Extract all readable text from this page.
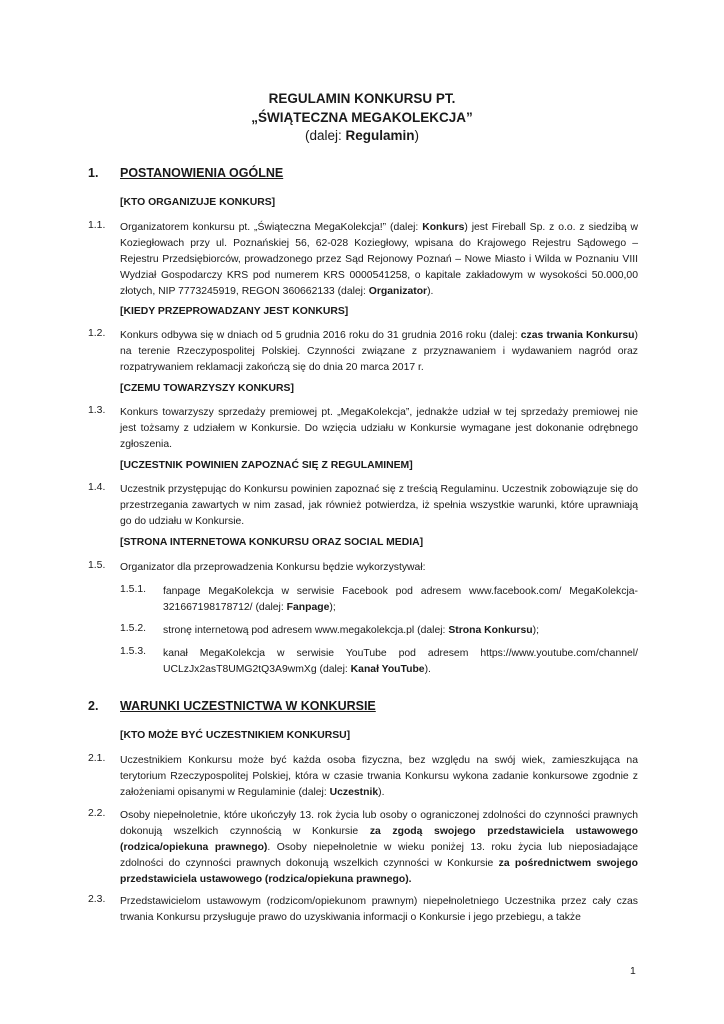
REGULAMIN KONKURSU PT.
„ŚWIĄTECZNA MEGAKOLEKCJA”
(dalej: Regulamin)
1. POSTANOWIENIA OGÓLNE
[KTO ORGANIZUJE KONKURS]
1.1. Organizatorem konkursu pt. „Świąteczna MegaKolekcja!” (dalej: Konkurs) jest Fireball Sp. z o.o. z siedzibą w Koziegłowach przy ul. Poznańskiej 56, 62-028 Koziegłowy, wpisana do Krajowego Rejestru Sądowego – Rejestru Przedsiębiorców, prowadzonego przez Sąd Rejonowy Poznań – Nowe Miasto i Wilda w Poznaniu VIII Wydział Gospodarczy KRS pod numerem KRS 0000541258, o kapitale zakładowym w wysokości 50.000,00 złotych, NIP 7773245919, REGON 360662133 (dalej: Organizator).
[KIEDY PRZEPROWADZANY JEST KONKURS]
1.2. Konkurs odbywa się w dniach od 5 grudnia 2016 roku do 31 grudnia 2016 roku (dalej: czas trwania Konkursu) na terenie Rzeczypospolitej Polskiej. Czynności związane z przyznawaniem i wydawaniem nagród oraz rozpatrywaniem reklamacji zakończą się do dnia 20 marca 2017 r.
[CZEMU TOWARZYSZY KONKURS]
1.3. Konkurs towarzyszy sprzedaży premiowej pt. „MegaKolekcja”, jednakże udział w tej sprzedaży premiowej nie jest tożsamy z udziałem w Konkursie. Do wzięcia udziału w Konkursie wymagane jest dokonanie odrębnego zgłoszenia.
[UCZESTNIK POWINIEN ZAPOZNAĆ SIĘ Z REGULAMINEM]
1.4. Uczestnik przystępując do Konkursu powinien zapoznać się z treścią Regulaminu. Uczestnik zobowiązuje się do przestrzegania zawartych w nim zasad, jak również potwierdza, iż spełnia wszystkie warunki, które uprawniają go do udziału w Konkursie.
[STRONA INTERNETOWA KONKURSU ORAZ SOCIAL MEDIA]
1.5. Organizator dla przeprowadzenia Konkursu będzie wykorzystywał:
1.5.1. fanpage MegaKolekcja w serwisie Facebook pod adresem www.facebook.com/ MegaKolekcja-321667198178712/ (dalej: Fanpage);
1.5.2. stronę internetową pod adresem www.megakolekcja.pl (dalej: Strona Konkursu);
1.5.3. kanał MegaKolekcja w serwisie YouTube pod adresem https://www.youtube.com/channel/ UCLzJx2asT8UMG2tQ3A9wmXg (dalej: Kanał YouTube).
2. WARUNKI UCZESTNICTWA W KONKURSIE
[KTO MOŻE BYĆ UCZESTNIKIEM KONKURSU]
2.1. Uczestnikiem Konkursu może być każda osoba fizyczna, bez względu na swój wiek, zamieszkująca na terytorium Rzeczypospolitej Polskiej, która w czasie trwania Konkursu wykona zadanie konkursowe zgodnie z założeniami opisanymi w Regulaminie (dalej: Uczestnik).
2.2. Osoby niepełnoletnie, które ukończyły 13. rok życia lub osoby o ograniczonej zdolności do czynności prawnych dokonują wszelkich czynnością w Konkursie za zgodą swojego przedstawiciela ustawowego (rodzica/opiekuna prawnego). Osoby niepełnoletnie w wieku poniżej 13. roku życia lub nieposiadające zdolności do czynności prawnych dokonują wszelkich czynności w Konkursie za pośrednictwem swojego przedstawiciela ustawowego (rodzica/opiekuna prawnego).
2.3. Przedstawicielom ustawowym (rodzicom/opiekunom prawnym) niepełnoletniego Uczestnika przez cały czas trwania Konkursu przysługuje prawo do uzyskiwania informacji o Konkursie i jego przebiegu, a także
1
